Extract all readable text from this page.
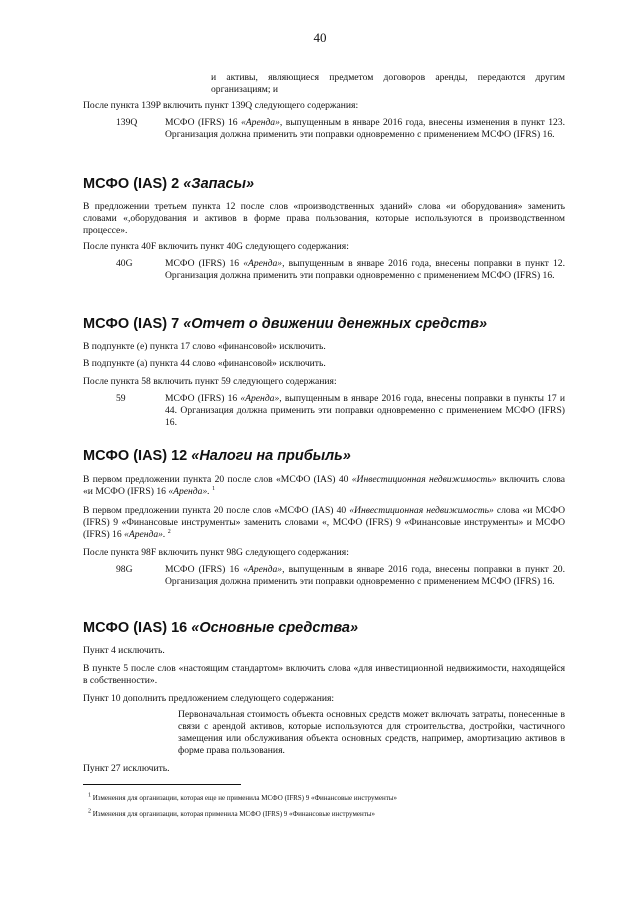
40
и активы, являющиеся предметом договоров аренды, передаются другим организациям; и
После пункта 139P включить пункт 139Q следующего содержания:
139Q	МСФО (IFRS) 16 «Аренда», выпущенным в январе 2016 года, внесены изменения в пункт 123. Организация должна применить эти поправки одновременно с применением МСФО (IFRS) 16.
МСФО (IAS) 2 «Запасы»
В предложении третьем пункта 12 после слов «производственных зданий» слова «и оборудования» заменить словами «,оборудования и активов в форме права пользования, которые используются в производственном процессе».
После пункта 40F включить пункт 40G следующего содержания:
40G	МСФО (IFRS) 16 «Аренда», выпущенным в январе 2016 года, внесены поправки в пункт 12. Организация должна применить эти поправки одновременно с применением МСФО (IFRS) 16.
МСФО (IAS) 7 «Отчет о движении денежных средств»
В подпункте (е) пункта 17 слово «финансовой» исключить.
В подпункте (а) пункта 44 слово «финансовой» исключить.
После пункта 58 включить пункт 59 следующего содержания:
59	МСФО (IFRS) 16 «Аренда», выпущенным в январе 2016 года, внесены поправки в пункты 17 и 44. Организация должна применить эти поправки одновременно с применением МСФО (IFRS) 16.
МСФО (IAS) 12 «Налоги на прибыль»
В первом предложении пункта 20 после слов «МСФО (IAS) 40 «Инвестиционная недвижимость» включить слова «и МСФО (IFRS) 16 «Аренда». $^1$
В первом предложении пункта 20 после слов «МСФО (IAS) 40 «Инвестиционная недвижимость» слова «и МСФО (IFRS) 9 «Финансовые инструменты» заменить словами «, МСФО (IFRS) 9 «Финансовые инструменты» и МСФО (IFRS) 16 «Аренда». $^2$
После пункта 98F включить пункт 98G следующего содержания:
98G	МСФО (IFRS) 16 «Аренда», выпущенным в январе 2016 года, внесены поправки в пункт 20. Организация должна применить эти поправки одновременно с применением МСФО (IFRS) 16.
МСФО (IAS) 16 «Основные средства»
Пункт 4 исключить.
В пункте 5 после слов «настоящим стандартом» включить слова «для инвестиционной недвижимости, находящейся в собственности».
Пункт 10 дополнить предложением следующего содержания:
Первоначальная стоимость объекта основных средств может включать затраты, понесенные в связи с арендой активов, которые используются для строительства, достройки, частичного замещения или обслуживания объекта основных средств, например, амортизацию активов в форме права пользования.
Пункт 27 исключить.
$^1$ Изменения для организации, которая еще не применила МСФО (IFRS) 9 «Финансовые инструменты»
$^2$ Изменения для организации, которая применила МСФО (IFRS) 9 «Финансовые инструменты»
